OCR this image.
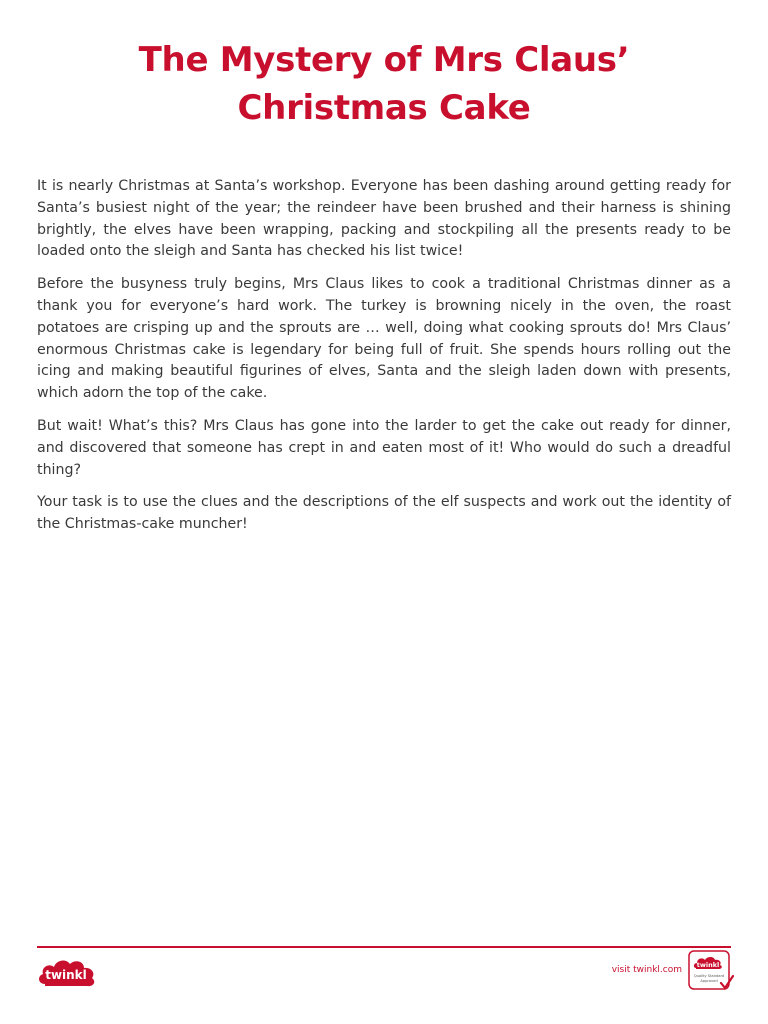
The Mystery of Mrs Claus’
Christmas Cake

It is nearly Christmas at Santa’s workshop. Everyone has been dashing around getting ready for Santa’s busiest night of the year; the reindeer have been brushed and their harness is shining brightly, the elves have been wrapping, packing and stockpiling all the presents ready to be loaded onto the sleigh and Santa has checked his list twice!

Before the busyness truly begins, Mrs Claus likes to cook a traditional Christmas dinner as a thank you for everyone’s hard work. The turkey is browning nicely in the oven, the roast potatoes are crisping up and the sprouts are … well, doing what cooking sprouts do! Mrs Claus’ enormous Christmas cake is legendary for being full of fruit. She spends hours rolling out the icing and making beautiful figurines of elves, Santa and the sleigh laden down with presents, which adorn the top of the cake.

But wait! What’s this? Mrs Claus has gone into the larder to get the cake out ready for dinner, and discovered that someone has crept in and eaten most of it! Who would do such a dreadful thing?

Your task is to use the clues and the descriptions of the elf suspects and work out the identity of the Christmas-cake muncher!

twinkl	visit twinkl.com twinkl
Quality Standard
Approved
